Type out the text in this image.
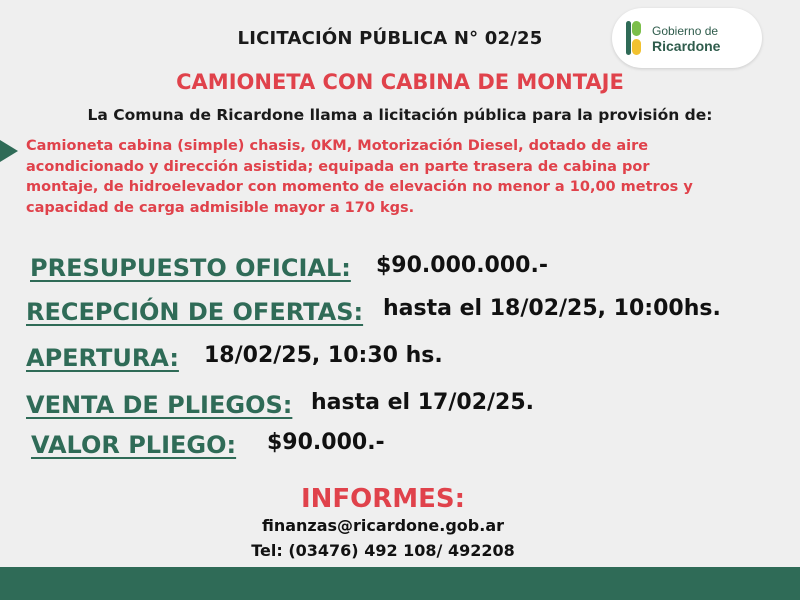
LICITACIÓN PÚBLICA N° 02/25	Gobierno de
Ricardone
CAMIONETA CON CABINA DE MONTAJE
La Comuna de Ricardone llama a licitación pública para la provisión de:
Camioneta cabina (simple) chasis, 0KM, Motorización Diesel, dotado de aire
acondicionado y dirección asistida; equipada en parte trasera de cabina por
montaje, de hidroelevador con momento de elevación no menor a 10,00 metros y
capacidad de carga admisible mayor a 170 kgs.
PRESUPUESTO OFICIAL: $90.000.000.-
RECEPCIÓN DE OFERTAS: hasta el 18/02/25, 10:00hs.
APERTURA: 18/02/25, 10:30 hs.
VENTA DE PLIEGOS: hasta el 17/02/25.
VALOR PLIEGO: $90.000.-
INFORMES:
finanzas@ricardone.gob.ar
Tel: (03476) 492 108/ 492208
